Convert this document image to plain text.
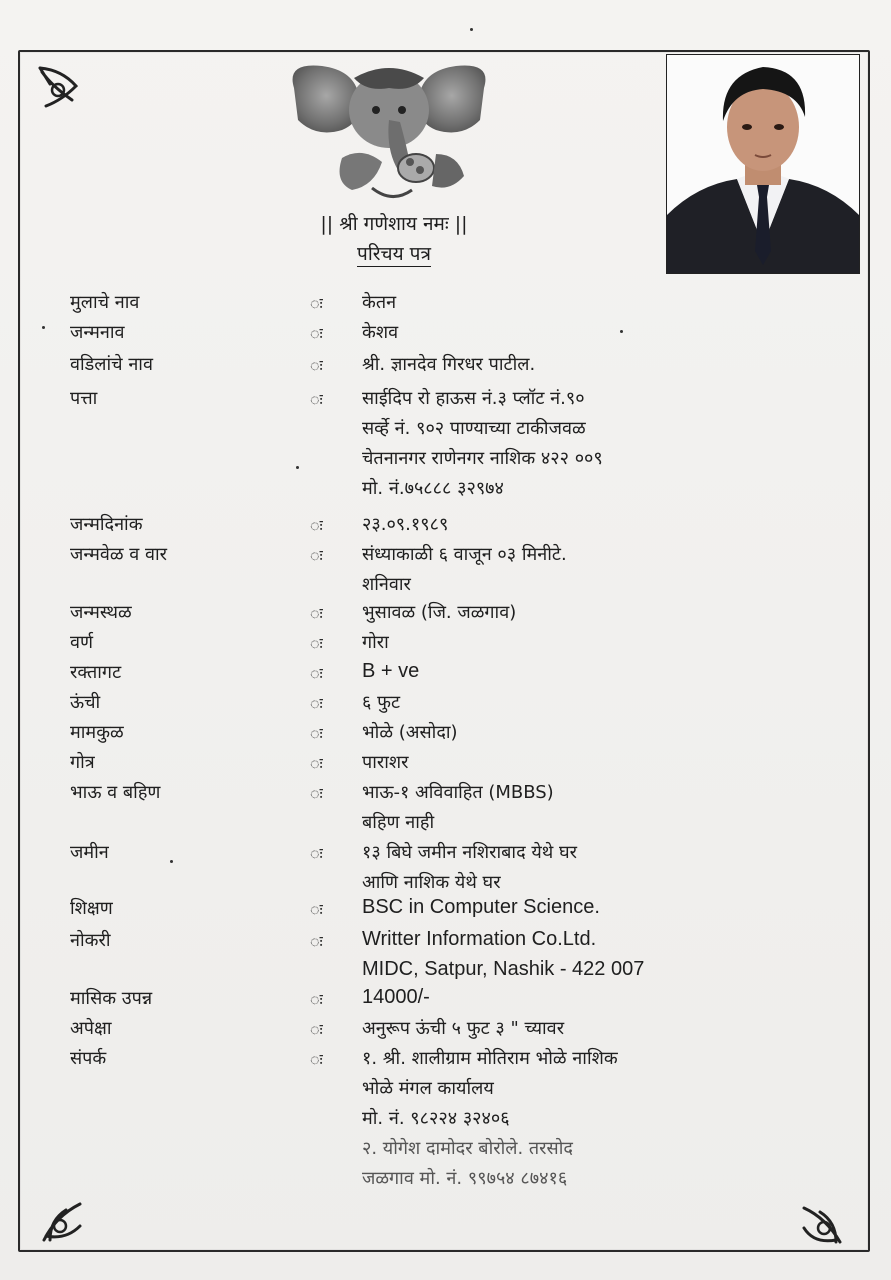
|| श्री गणेशाय नमः ||
परिचय पत्र
मुलाचे नाव	ः केतन
जन्मनाव	ः केशव
वडिलांचे नाव	ः श्री. ज्ञानदेव गिरधर पाटील.
पत्ता	ः साईदिप रो हाऊस नं.३ प्लॉट नं.९०
सर्व्हे नं. ९०२ पाण्याच्या टाकीजवळ
चेतनानगर राणेनगर नाशिक ४२२ ००९
मो. नं.७५८८८ ३२९७४
जन्मदिनांक	ः २३.०९.१९८९
जन्मवेळ व वार	ः संध्याकाळी ६ वाजून ०३ मिनीटे.
शनिवार
जन्मस्थळ	ः भुसावळ (जि. जळगाव)
वर्ण	ः गोरा
रक्तागट	ः B + ve
ऊंची	ः ६ फुट
मामकुळ	ः भोळे (असोदा)
गोत्र	ः पाराशर
भाऊ व बहिण	ः भाऊ-१ अविवाहित (MBBS)
बहिण नाही
जमीन	ः १३ बिघे जमीन नशिराबाद येथे घर
आणि नाशिक येथे घर
शिक्षण	ः BSC in Computer Science.
नोकरी	ः Writter Information Co.Ltd.
MIDC, Satpur, Nashik - 422 007
मासिक उपन्न	ः 14000/-
अपेक्षा	ः अनुरूप ऊंची ५ फुट ३ " च्यावर
संपर्क	ः १. श्री. शालीग्राम मोतिराम भोळे नाशिक
भोळे मंगल कार्यालय
मो. नं. ९८२२४ ३२४०६
२. योगेश दामोदर बोरोले. तरसोद
जळगाव मो. नं. ९९७५४ ८७४१६
